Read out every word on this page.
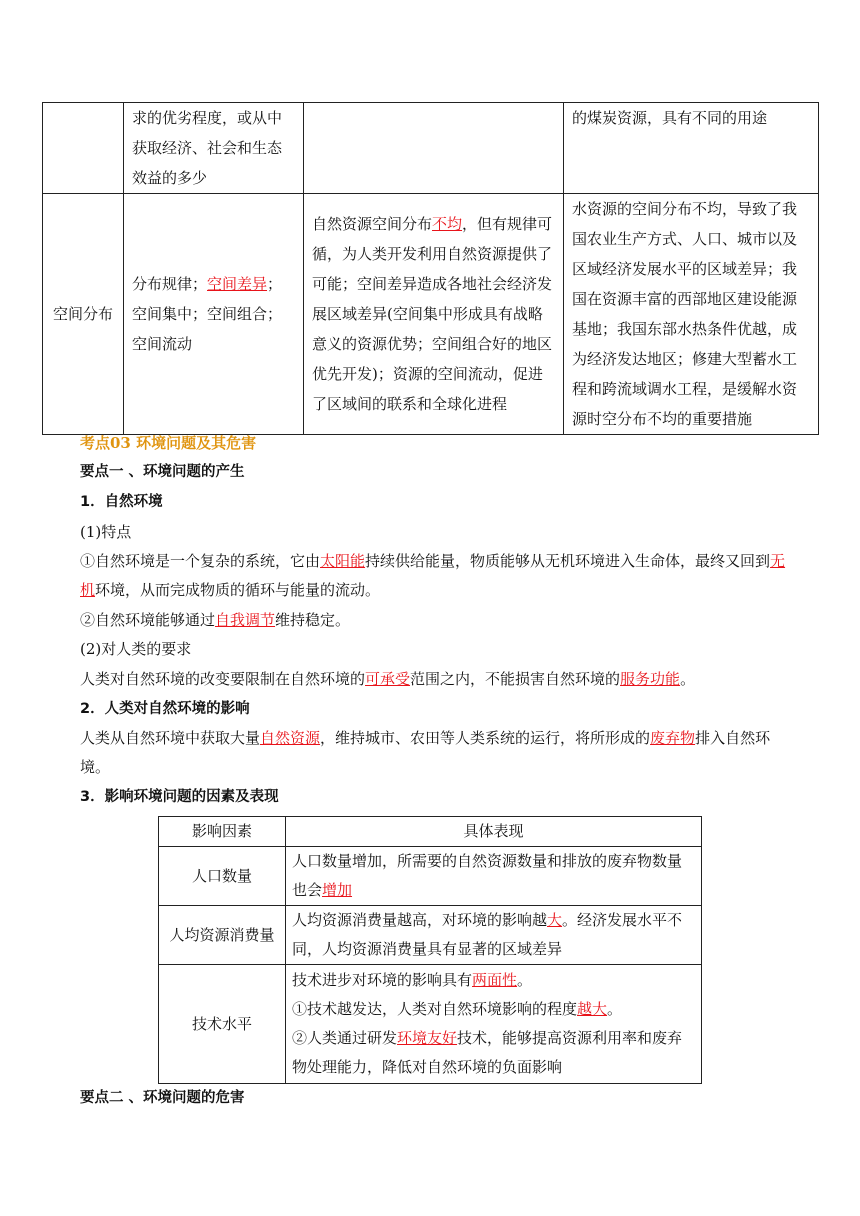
	求的优劣程度，或从中获取经济、社会和生态效益的多少		的煤炭资源，具有不同的用途
空间分布	分布规律；空间差异；空间集中；空间组合；空间流动	自然资源空间分布不均，但有规律可循，为人类开发利用自然资源提供了可能；空间差异造成各地社会经济发展区域差异(空间集中形成具有战略意义的资源优势；空间组合好的地区优先开发)；资源的空间流动，促进了区域间的联系和全球化进程	水资源的空间分布不均，导致了我国农业生产方式、人口、城市以及区域经济发展水平的区域差异；我国在资源丰富的西部地区建设能源基地；我国东部水热条件优越，成为经济发达地区；修建大型蓄水工程和跨流域调水工程，是缓解水资源时空分布不均的重要措施
考点03 环境问题及其危害

要点一 、环境问题的产生

1．自然环境

(1)特点

①自然环境是一个复杂的系统，它由太阳能持续供给能量，物质能够从无机环境进入生命体，最终又回到无机环境，从而完成物质的循环与能量的流动。

②自然环境能够通过自我调节维持稳定。

(2)对人类的要求

人类对自然环境的改变要限制在自然环境的可承受范围之内，不能损害自然环境的服务功能。

2．人类对自然环境的影响

人类从自然环境中获取大量自然资源，维持城市、农田等人类系统的运行，将所形成的废弃物排入自然环境。

3．影响环境问题的因素及表现

影响因素	具体表现
人口数量	人口数量增加，所需要的自然资源数量和排放的废弃物数量也会增加
人均资源消费量	人均资源消费量越高，对环境的影响越大。经济发展水平不同，人均资源消费量具有显著的区域差异
技术水平	技术进步对环境的影响具有两面性。
①技术越发达，人类对自然环境影响的程度越大。
②人类通过研发环境友好技术，能够提高资源利用率和废弃物处理能力，降低对自然环境的负面影响

要点二 、环境问题的危害
